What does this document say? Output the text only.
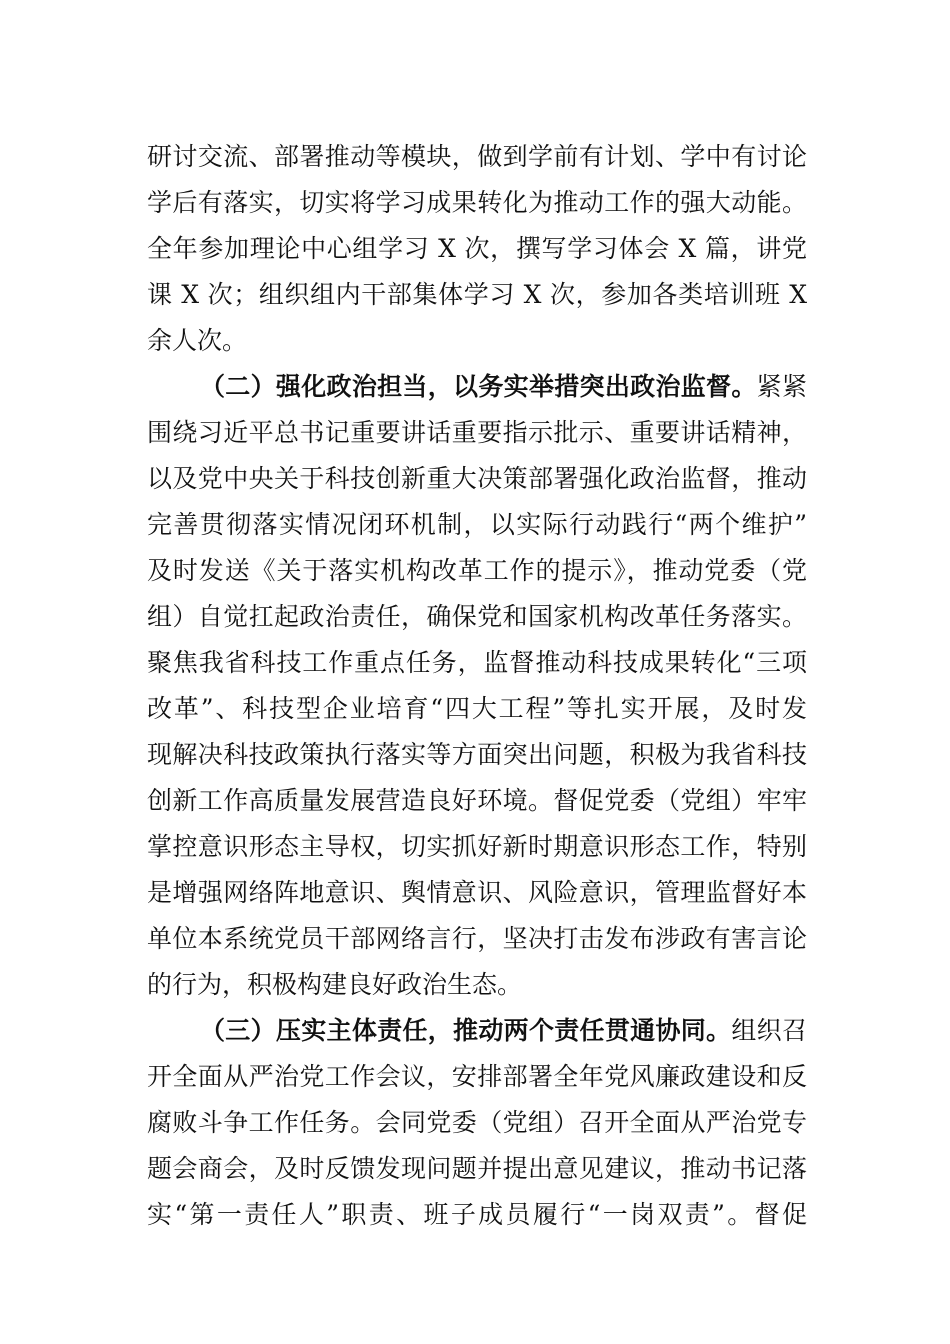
研讨交流、部署推动等模块，做到学前有计划、学中有讨论
学后有落实，切实将学习成果转化为推动工作的强大动能。
全年参加理论中心组学习 X 次，撰写学习体会 X 篇，讲党
课 X 次；组织组内干部集体学习 X 次，参加各类培训班 X
余人次。
（二）强化政治担当，以务实举措突出政治监督。紧紧
围绕习近平总书记重要讲话重要指示批示、重要讲话精神，
以及党中央关于科技创新重大决策部署强化政治监督，推动
完善贯彻落实情况闭环机制，以实际行动践行“两个维护”
及时发送《关于落实机构改革工作的提示》，推动党委（党
组）自觉扛起政治责任，确保党和国家机构改革任务落实。
聚焦我省科技工作重点任务，监督推动科技成果转化“三项
改革”、科技型企业培育“四大工程”等扎实开展，及时发
现解决科技政策执行落实等方面突出问题，积极为我省科技
创新工作高质量发展营造良好环境。督促党委（党组）牢牢
掌控意识形态主导权，切实抓好新时期意识形态工作，特别
是增强网络阵地意识、舆情意识、风险意识，管理监督好本
单位本系统党员干部网络言行，坚决打击发布涉政有害言论
的行为，积极构建良好政治生态。
（三）压实主体责任，推动两个责任贯通协同。组织召
开全面从严治党工作会议，安排部署全年党风廉政建设和反
腐败斗争工作任务。会同党委（党组）召开全面从严治党专
题会商会，及时反馈发现问题并提出意见建议，推动书记落
实“第一责任人”职责、班子成员履行“一岗双责”。督促
